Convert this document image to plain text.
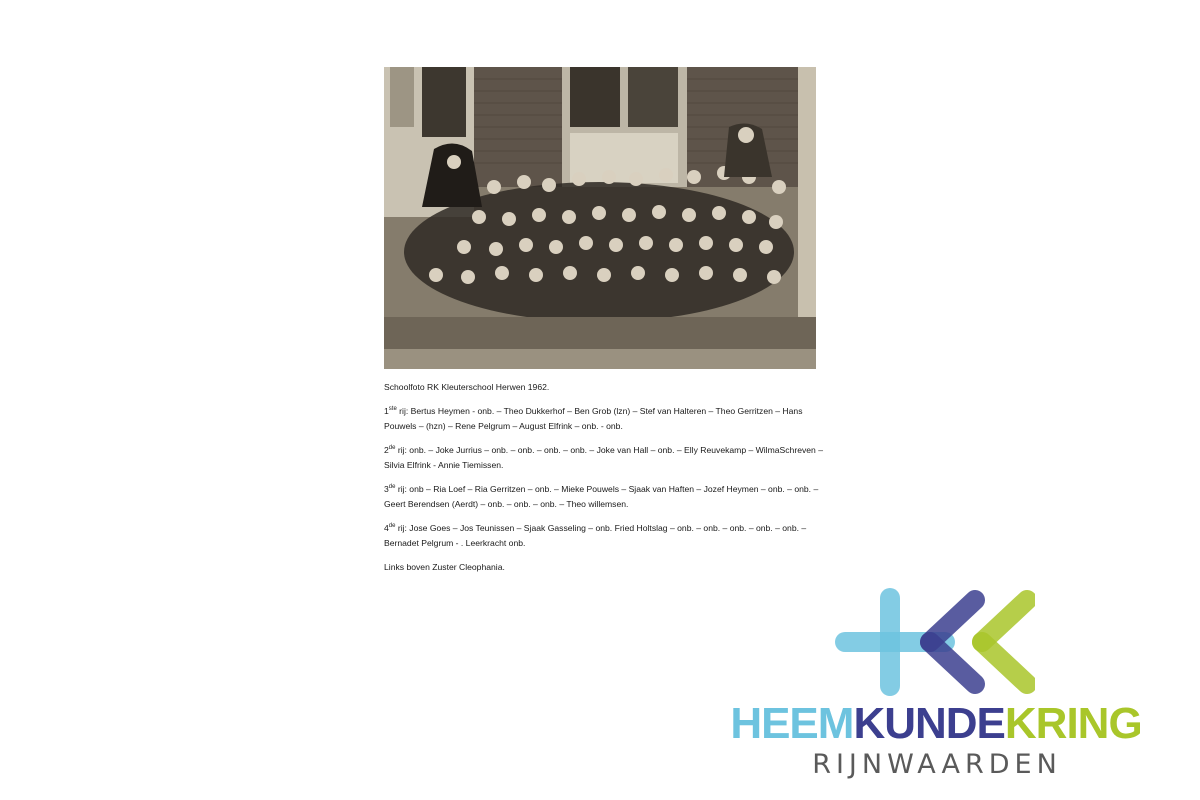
Schoolfoto RK Kleuterschool Herwen 1962.

1ste rij: Bertus Heymen - onb. – Theo Dukkerhof – Ben Grob (lzn) – Stef van Halteren – Theo Gerritzen – Hans Pouwels – (hzn) – Rene Pelgrum – August Elfrink – onb. - onb.

2de rij: onb. – Joke Jurrius – onb. – onb. – onb. – onb. – Joke van Hall – onb. – Elly Reuvekamp – WilmaSchreven – Silvia Elfrink - Annie Tiemissen.

3de rij: onb – Ria Loef – Ria Gerritzen – onb. – Mieke Pouwels – Sjaak van Haften – Jozef Heymen – onb. – onb. – Geert Berendsen (Aerdt) – onb. – onb. – onb. – Theo willemsen.

4de rij: Jose Goes – Jos Teunissen – Sjaak Gasseling – onb. Fried Holtslag – onb. – onb. – onb. – onb. – onb. – Bernadet Pelgrum - . Leerkracht onb.

Links boven Zuster Cleophania.

HEEMKUNDEKRING
RIJNWAARDEN
